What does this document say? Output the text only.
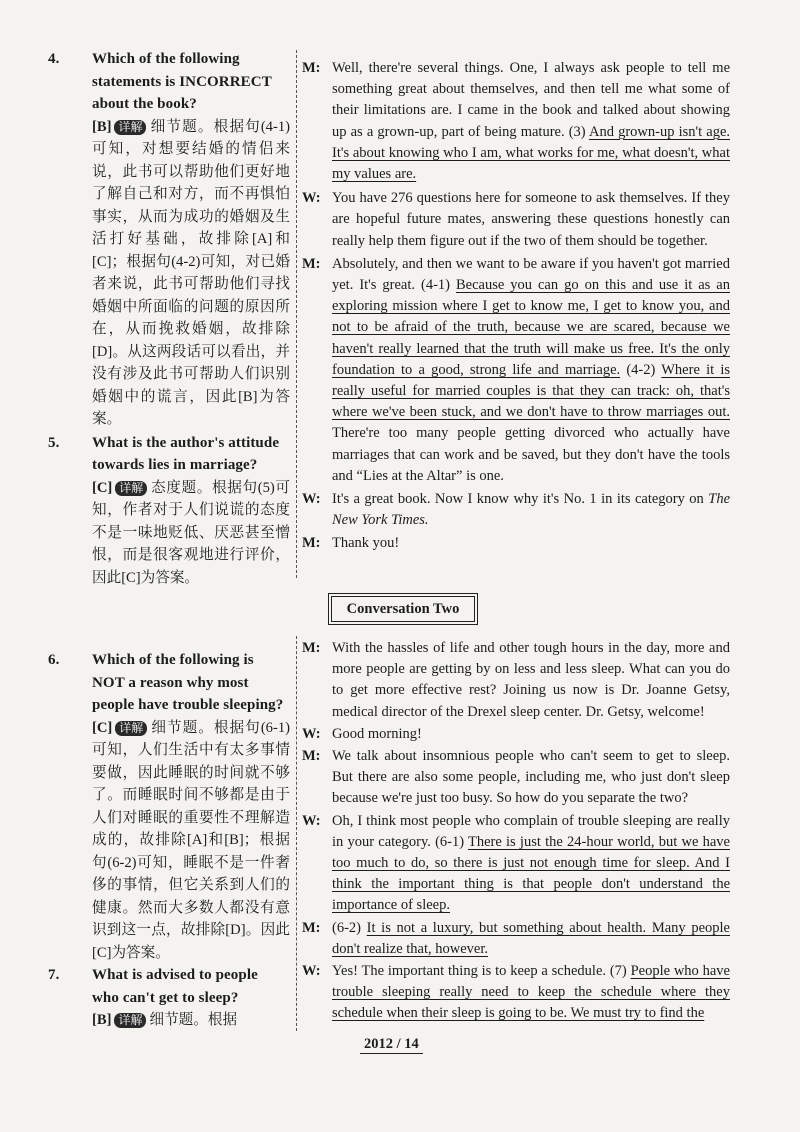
4. Which of the following
statements is INCORRECT
about the book?
[B] 详解 细节题。根据句(4-1)可知，对想要结婚的情侣来说，此书可以帮助他们更好地了解自己和对方，而不再惧怕事实，从而为成功的婚姻及生活打好基础，故排除[A]和[C]；根据句(4-2)可知，对已婚者来说，此书可帮助他们寻找婚姻中所面临的问题的原因所在，从而挽救婚姻，故排除[D]。从这两段话可以看出，并没有涉及此书可帮助人们识别婚姻中的谎言，因此[B]为答案。
5. What is the author's attitude
towards lies in marriage?
[C] 详解 态度题。根据句(5)可知，作者对于人们说谎的态度不是一味地贬低、厌恶甚至憎恨，而是很客观地进行评价，因此[C]为答案。
6. Which of the following is
NOT a reason why most
people have trouble sleeping?
[C] 详解 细节题。根据句(6-1)可知，人们生活中有太多事情要做，因此睡眠的时间就不够了。而睡眠时间不够都是由于人们对睡眠的重要性不理解造成的，故排除[A]和[B]；根据句(6-2)可知，睡眠不是一件奢侈的事情，但它关系到人们的健康。然而大多数人都没有意识到这一点，故排除[D]。因此[C]为答案。
7. What is advised to people
who can't get to sleep?
[B] 详解 细节题。根据
M: Well, there're several things. One, I always ask people to tell me something great about themselves, and then tell me what some of their limitations are. I came in the book and talked about showing up as a grown-up, part of being mature. (3) And grown-up isn't age. It's about knowing who I am, what works for me, what doesn't, what my values are.
W: You have 276 questions here for someone to ask themselves. If they are hopeful future mates, answering these questions honestly can really help them figure out if the two of them should be together.
M: Absolutely, and then we want to be aware if you haven't got married yet. It's great. (4-1) Because you can go on this and use it as an exploring mission where I get to know me, I get to know you, and not to be afraid of the truth, because we are scared, because we haven't really learned that the truth will make us free. It's the only foundation to a good, strong life and marriage. (4-2) Where it is really useful for married couples is that they can track: oh, that's where we've been stuck, and we don't have to throw marriages out. There're too many people getting divorced who actually have marriages that can work and be saved, but they don't have the tools and “Lies at the Altar” is one.
W: It's a great book. Now I know why it's No. 1 in its category on The New York Times.
M: Thank you!
Conversation Two
M: With the hassles of life and other tough hours in the day, more and more people are getting by on less and less sleep. What can you do to get more effective rest? Joining us now is Dr. Joanne Getsy, medical director of the Drexel sleep center. Dr. Getsy, welcome!
W: Good morning!
M: We talk about insomnious people who can't seem to get to sleep. But there are also some people, including me, who just don't sleep because we're just too busy. So how do you separate the two?
W: Oh, I think most people who complain of trouble sleeping are really in your category. (6-1) There is just the 24-hour world, but we have too much to do, so there is just not enough time for sleep. And I think the important thing is that people don't understand the importance of sleep.
M: (6-2) It is not a luxury, but something about health. Many people don't realize that, however.
W: Yes! The important thing is to keep a schedule. (7) People who have trouble sleeping really need to keep the schedule where they schedule when their sleep is going to be. We must try to find the
2012 / 14
